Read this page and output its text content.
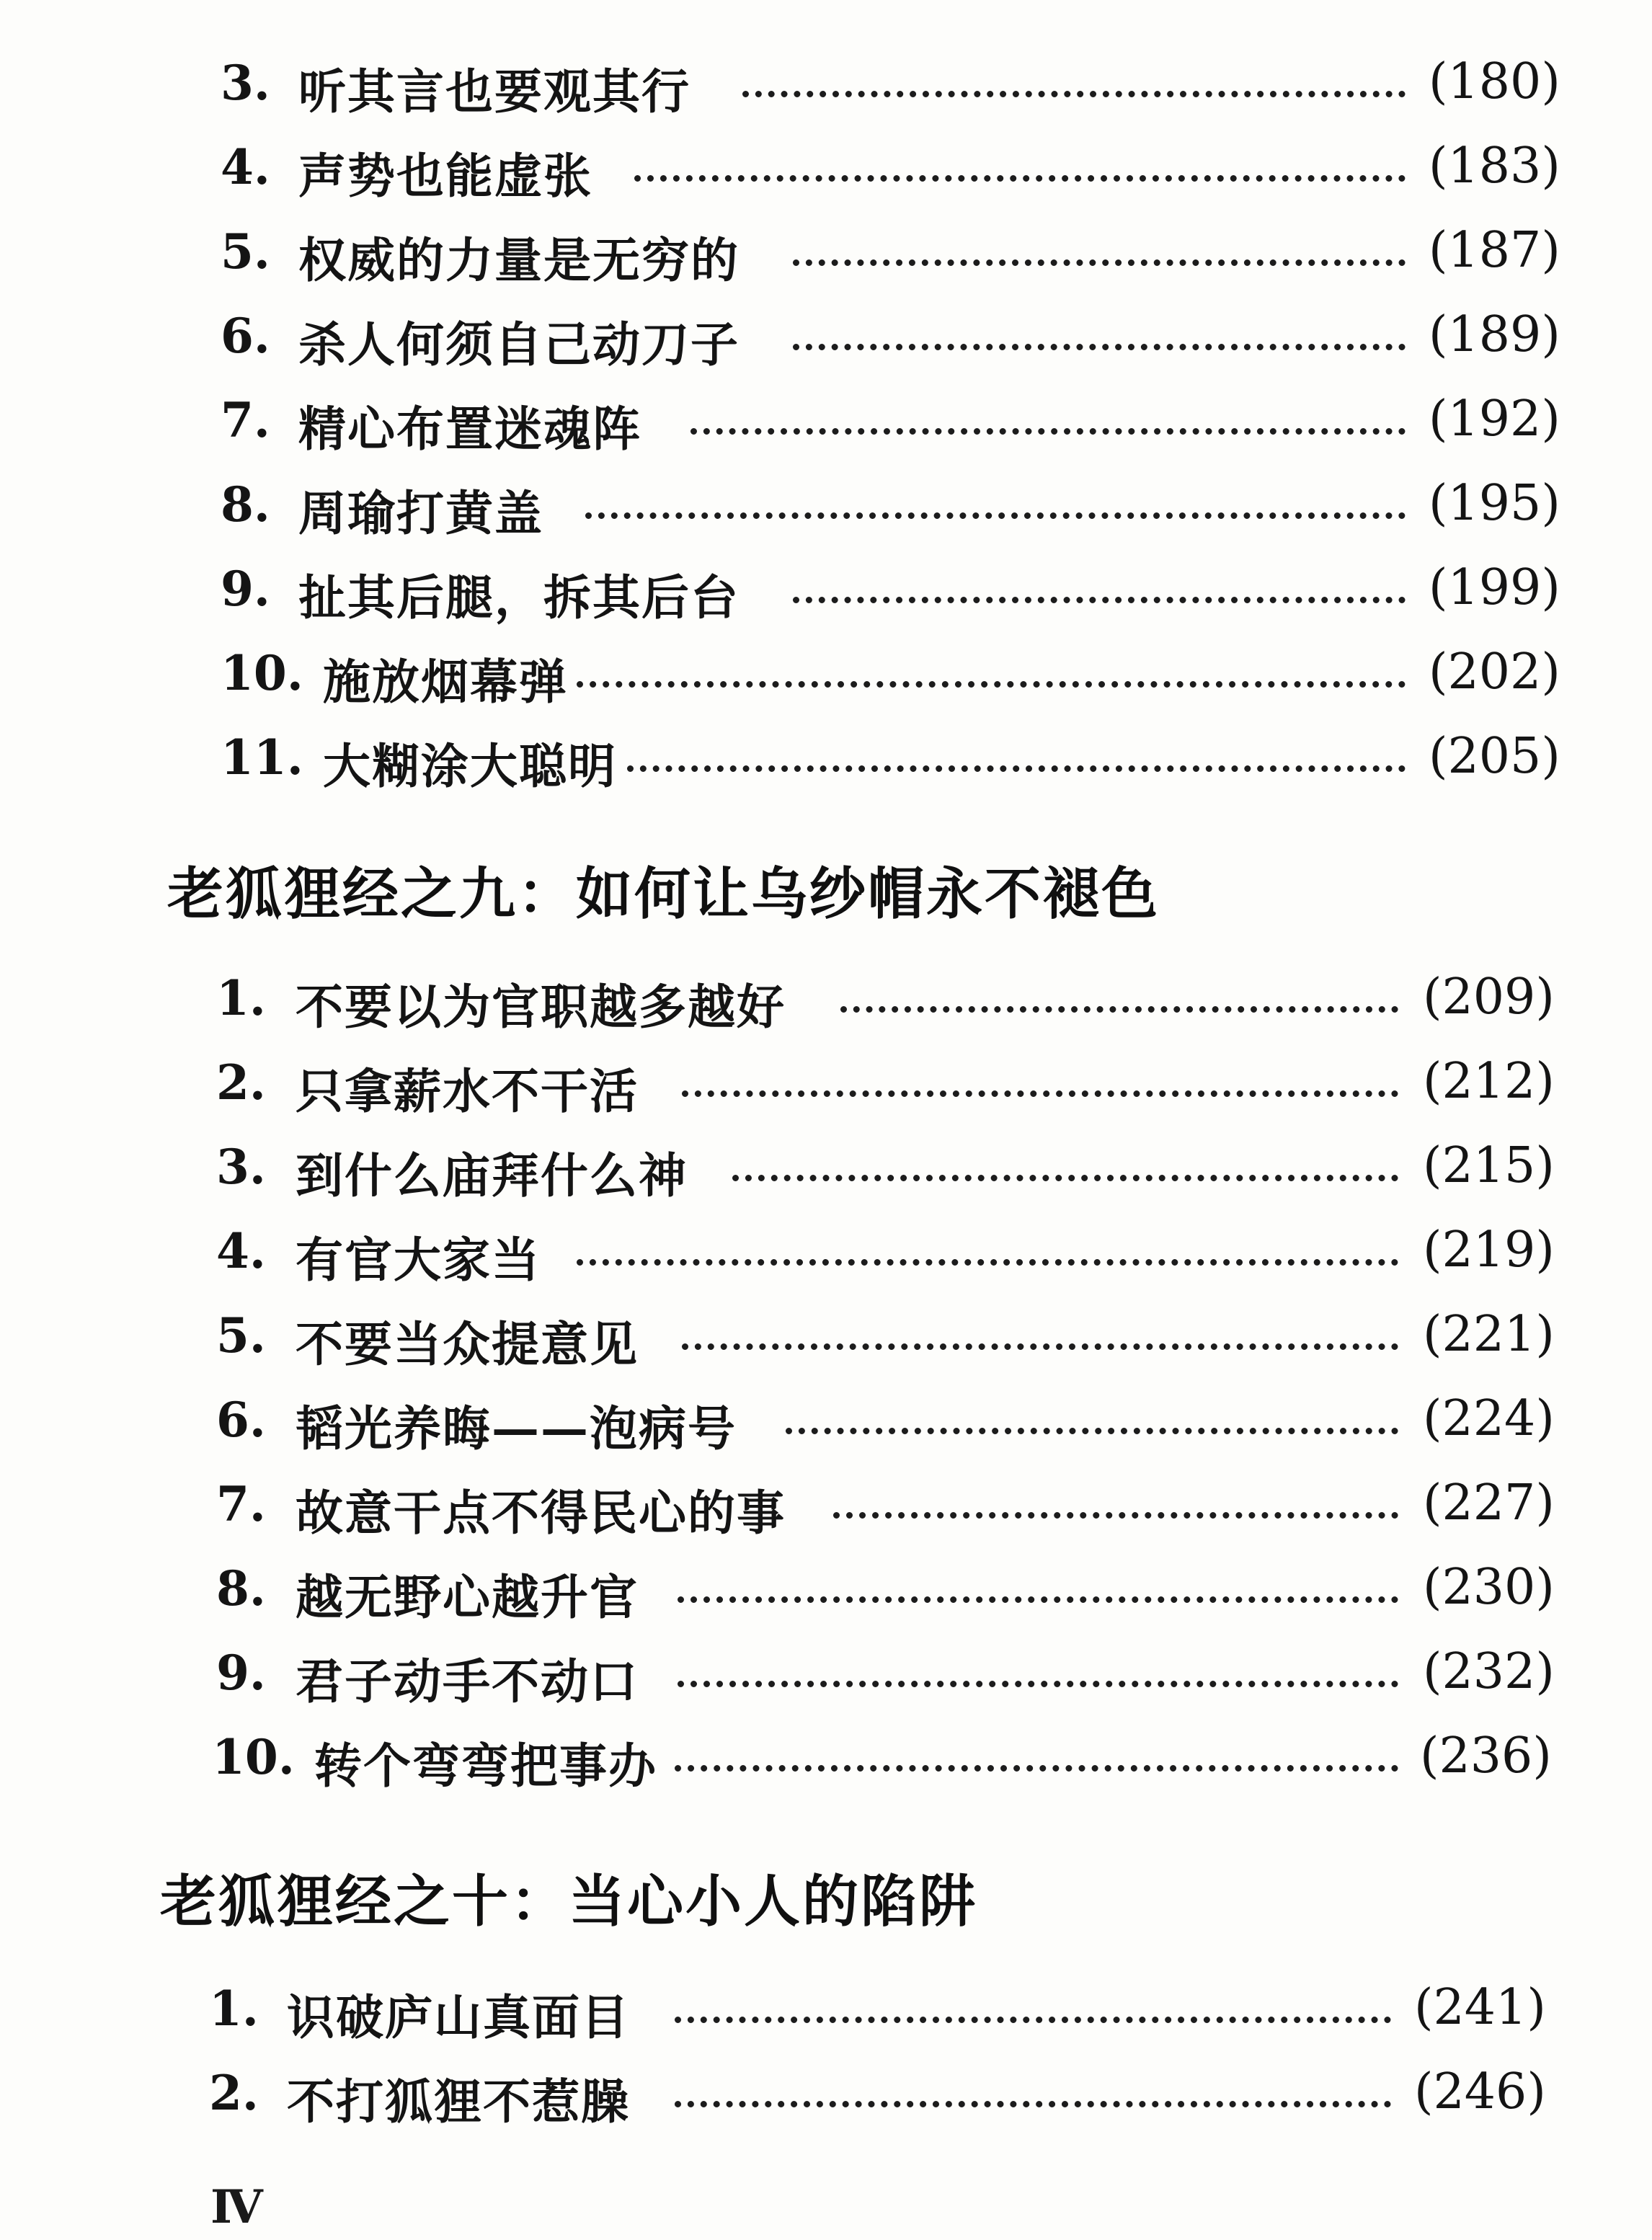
3. 听其言也要观其行	(180)
4. 声势也能虚张	(183)
5. 权威的力量是无穷的	(187)
6. 杀人何须自己动刀子	(189)
7. 精心布置迷魂阵	(192)
8. 周瑜打黄盖	(195)
9. 扯其后腿，拆其后台	(199)
10. 施放烟幕弹	(202)
11. 大糊涂大聪明	(205)
老狐狸经之九：如何让乌纱帽永不褪色
1. 不要以为官职越多越好	(209)
2. 只拿薪水不干活	(212)
3. 到什么庙拜什么神	(215)
4. 有官大家当	(219)
5. 不要当众提意见	(221)
6. 韬光养晦——泡病号	(224)
7. 故意干点不得民心的事	(227)
8. 越无野心越升官	(230)
9. 君子动手不动口	(232)
10. 转个弯弯把事办	(236)
老狐狸经之十：当心小人的陷阱
1. 识破庐山真面目	(241)
2. 不打狐狸不惹臊	(246)
Ⅳ
